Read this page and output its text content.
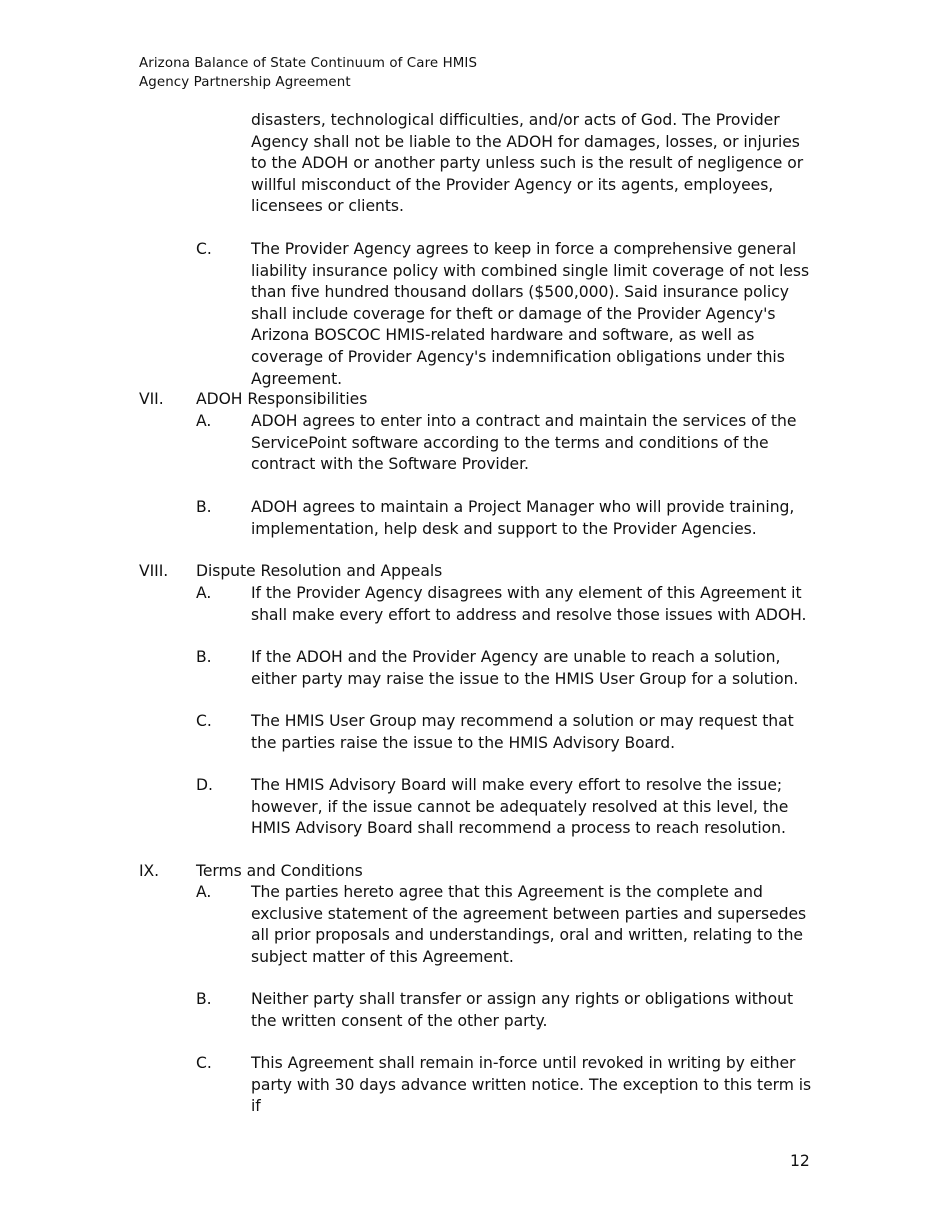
Arizona Balance of State Continuum of Care HMIS
Agency Partnership Agreement
disasters, technological difficulties, and/or acts of God. The Provider Agency shall not be liable to the ADOH for damages, losses, or injuries to the ADOH or another party unless such is the result of negligence or willful misconduct of the Provider Agency or its agents, employees, licensees or clients.
C.	The Provider Agency agrees to keep in force a comprehensive general liability insurance policy with combined single limit coverage of not less than five hundred thousand dollars ($500,000). Said insurance policy shall include coverage for theft or damage of the Provider Agency's Arizona BOSCOC HMIS-related hardware and software, as well as coverage of Provider Agency's indemnification obligations under this Agreement.
VII. ADOH Responsibilities
A.	ADOH agrees to enter into a contract and maintain the services of the ServicePoint software according to the terms and conditions of the contract with the Software Provider.
B.	ADOH agrees to maintain a Project Manager who will provide training, implementation, help desk and support to the Provider Agencies.
VIII. Dispute Resolution and Appeals
A.	If the Provider Agency disagrees with any element of this Agreement it shall make every effort to address and resolve those issues with ADOH.
B.	If the ADOH and the Provider Agency are unable to reach a solution, either party may raise the issue to the HMIS User Group for a solution.
C.	The HMIS User Group may recommend a solution or may request that the parties raise the issue to the HMIS Advisory Board.
D. The HMIS Advisory Board will make every effort to resolve the issue; however, if the issue cannot be adequately resolved at this level, the HMIS Advisory Board shall recommend a process to reach resolution.
IX. Terms and Conditions
A.	The parties hereto agree that this Agreement is the complete and exclusive statement of the agreement between parties and supersedes all prior proposals and understandings, oral and written, relating to the subject matter of this Agreement.
B.	Neither party shall transfer or assign any rights or obligations without the written consent of the other party.
C.	This Agreement shall remain in-force until revoked in writing by either party with 30 days advance written notice. The exception to this term is if
12
